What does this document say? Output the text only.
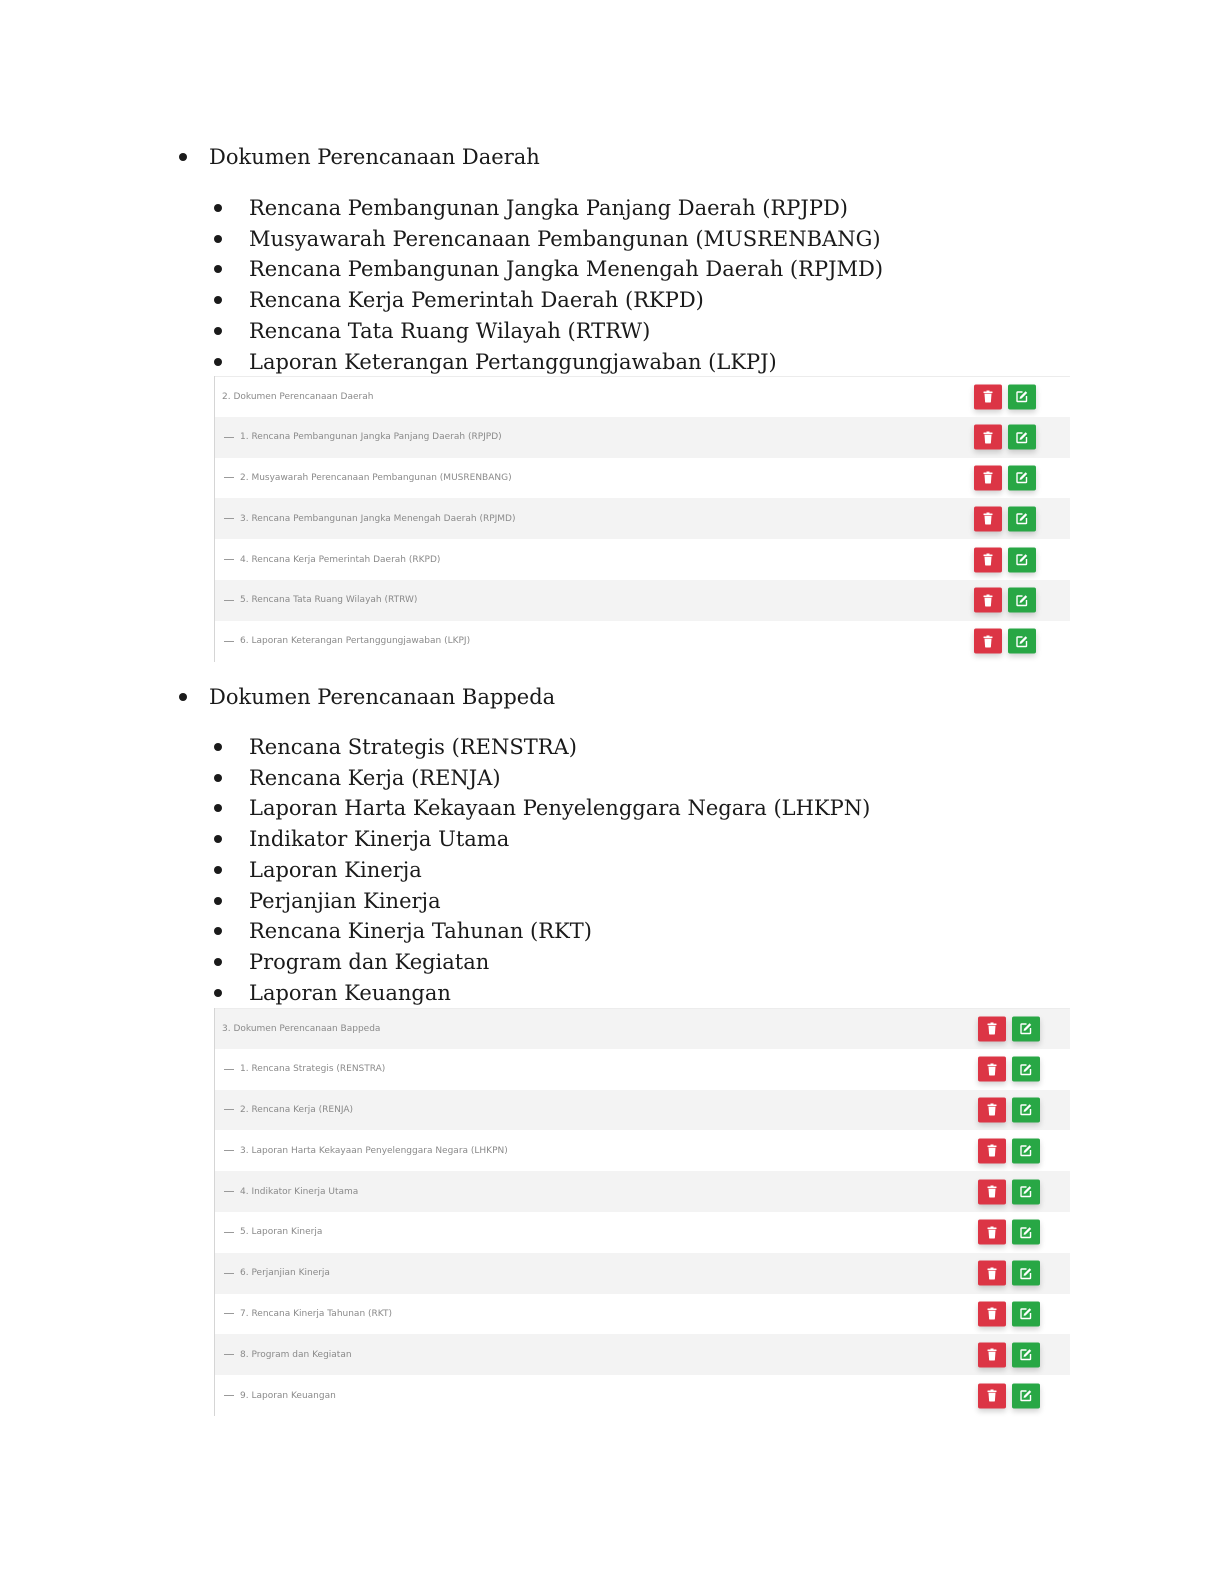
Dokumen Perencanaan Daerah
Rencana Pembangunan Jangka Panjang Daerah (RPJPD)
Musyawarah Perencanaan Pembangunan (MUSRENBANG)
Rencana Pembangunan Jangka Menengah Daerah (RPJMD)
Rencana Kerja Pemerintah Daerah (RKPD)
Rencana Tata Ruang Wilayah (RTRW)
Laporan Keterangan Pertanggungjawaban (LKPJ)
2. Dokumen Perencanaan Daerah
1. Rencana Pembangunan Jangka Panjang Daerah (RPJPD)
2. Musyawarah Perencanaan Pembangunan (MUSRENBANG)
3. Rencana Pembangunan Jangka Menengah Daerah (RPJMD)
4. Rencana Kerja Pemerintah Daerah (RKPD)
5. Rencana Tata Ruang Wilayah (RTRW)
6. Laporan Keterangan Pertanggungjawaban (LKPJ)
Dokumen Perencanaan Bappeda
Rencana Strategis (RENSTRA)
Rencana Kerja (RENJA)
Laporan Harta Kekayaan Penyelenggara Negara (LHKPN)
Indikator Kinerja Utama
Laporan Kinerja
Perjanjian Kinerja
Rencana Kinerja Tahunan (RKT)
Program dan Kegiatan
Laporan Keuangan
3. Dokumen Perencanaan Bappeda
1. Rencana Strategis (RENSTRA)
2. Rencana Kerja (RENJA)
3. Laporan Harta Kekayaan Penyelenggara Negara (LHKPN)
4. Indikator Kinerja Utama
5. Laporan Kinerja
6. Perjanjian Kinerja
7. Rencana Kinerja Tahunan (RKT)
8. Program dan Kegiatan
9. Laporan Keuangan
